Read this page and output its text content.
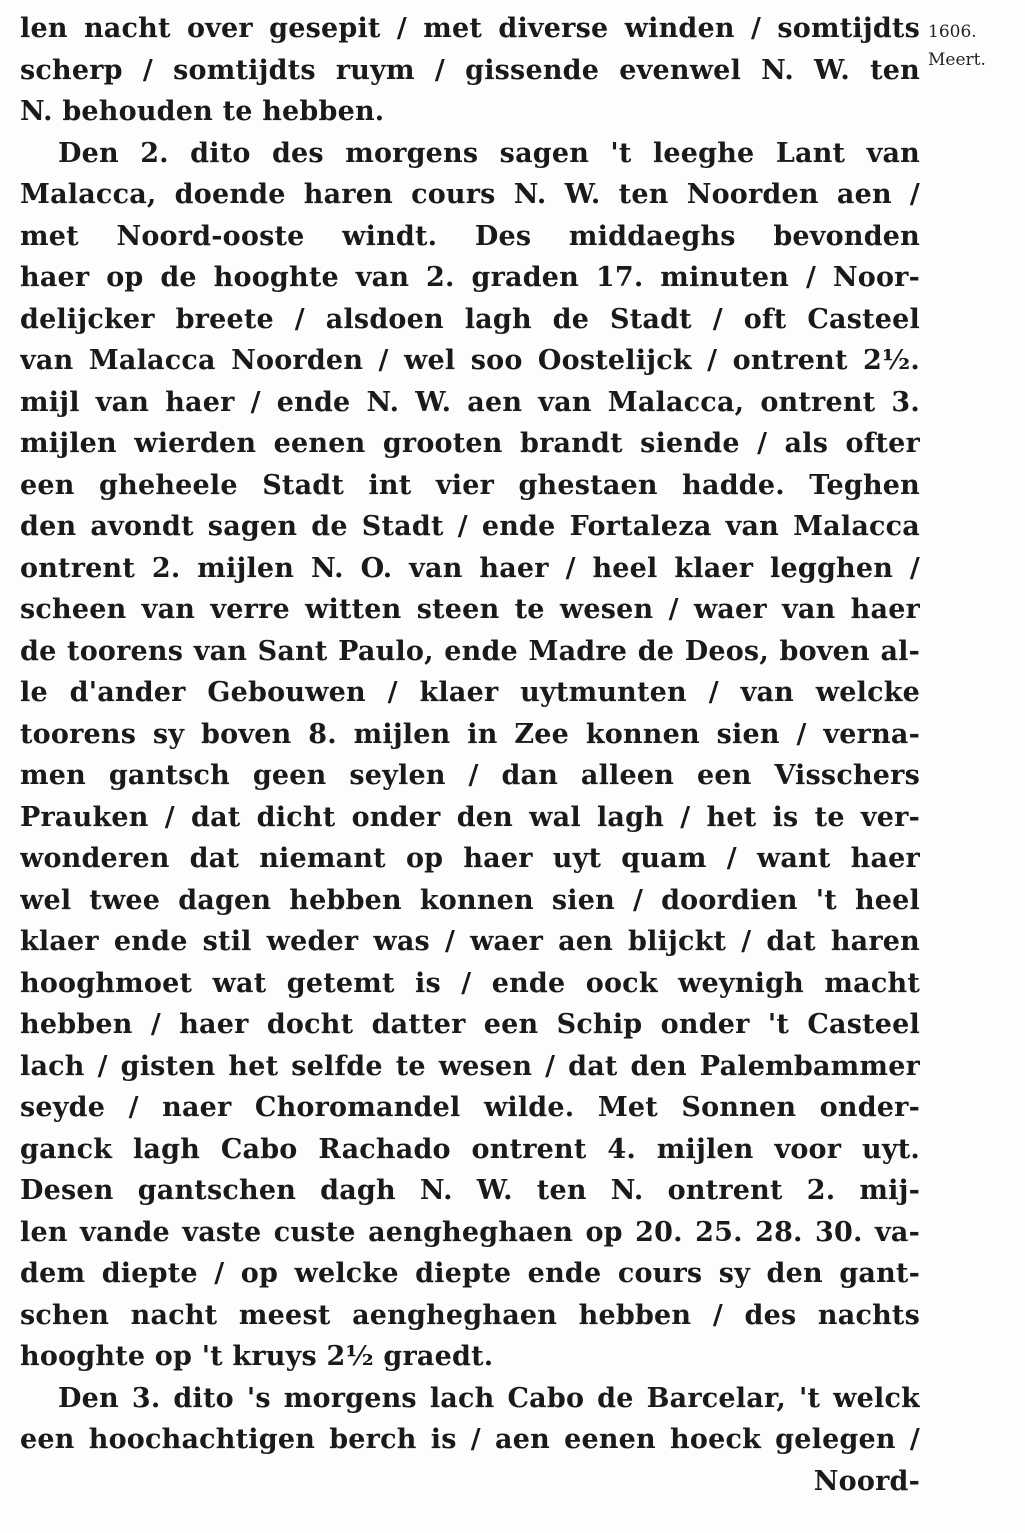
len nacht over gesepit / met diverse winden / somtijdts
scherp / somtijdts ruym / gissende evenwel N. W. ten
N. behouden te hebben.
Den 2. dito des morgens sagen 't leeghe Lant van
Malacca, doende haren cours N. W. ten Noorden aen /
met Noord-ooste windt. Des middaeghs bevonden
haer op de hooghte van 2. graden 17. minuten / Noor-
delijcker breete / alsdoen lagh de Stadt / oft Casteel
van Malacca Noorden / wel soo Oostelijck / ontrent 2½.
mijl van haer / ende N. W. aen van Malacca, ontrent 3.
mijlen wierden eenen grooten brandt siende / als ofter
een gheheele Stadt int vier ghestaen hadde. Teghen
den avondt sagen de Stadt / ende Fortaleza van Malacca
ontrent 2. mijlen N. O. van haer / heel klaer legghen /
scheen van verre witten steen te wesen / waer van haer
de toorens van Sant Paulo, ende Madre de Deos, boven al-
le d'ander Gebouwen / klaer uytmunten / van welcke
toorens sy boven 8. mijlen in Zee konnen sien / verna-
men gantsch geen seylen / dan alleen een Visschers
Prauken / dat dicht onder den wal lagh / het is te ver-
wonderen dat niemant op haer uyt quam / want haer
wel twee dagen hebben konnen sien / doordien 't heel
klaer ende stil weder was / waer aen blijckt / dat haren
hooghmoet wat getemt is / ende oock weynigh macht
hebben / haer docht datter een Schip onder 't Casteel
lach / gisten het selfde te wesen / dat den Palembammer
seyde / naer Choromandel wilde. Met Sonnen onder-
ganck lagh Cabo Rachado ontrent 4. mijlen voor uyt.
Desen gantschen dagh N. W. ten N. ontrent 2. mij-
len vande vaste custe aengheghaen op 20. 25. 28. 30. va-
dem diepte / op welcke diepte ende cours sy den gant-
schen nacht meest aengheghaen hebben / des nachts
hooghte op 't kruys 2½ graedt.
Den 3. dito 's morgens lach Cabo de Barcelar, 't welck
een hoochachtigen berch is / aen eenen hoeck gelegen /
Noord-
1606.
Meert.
